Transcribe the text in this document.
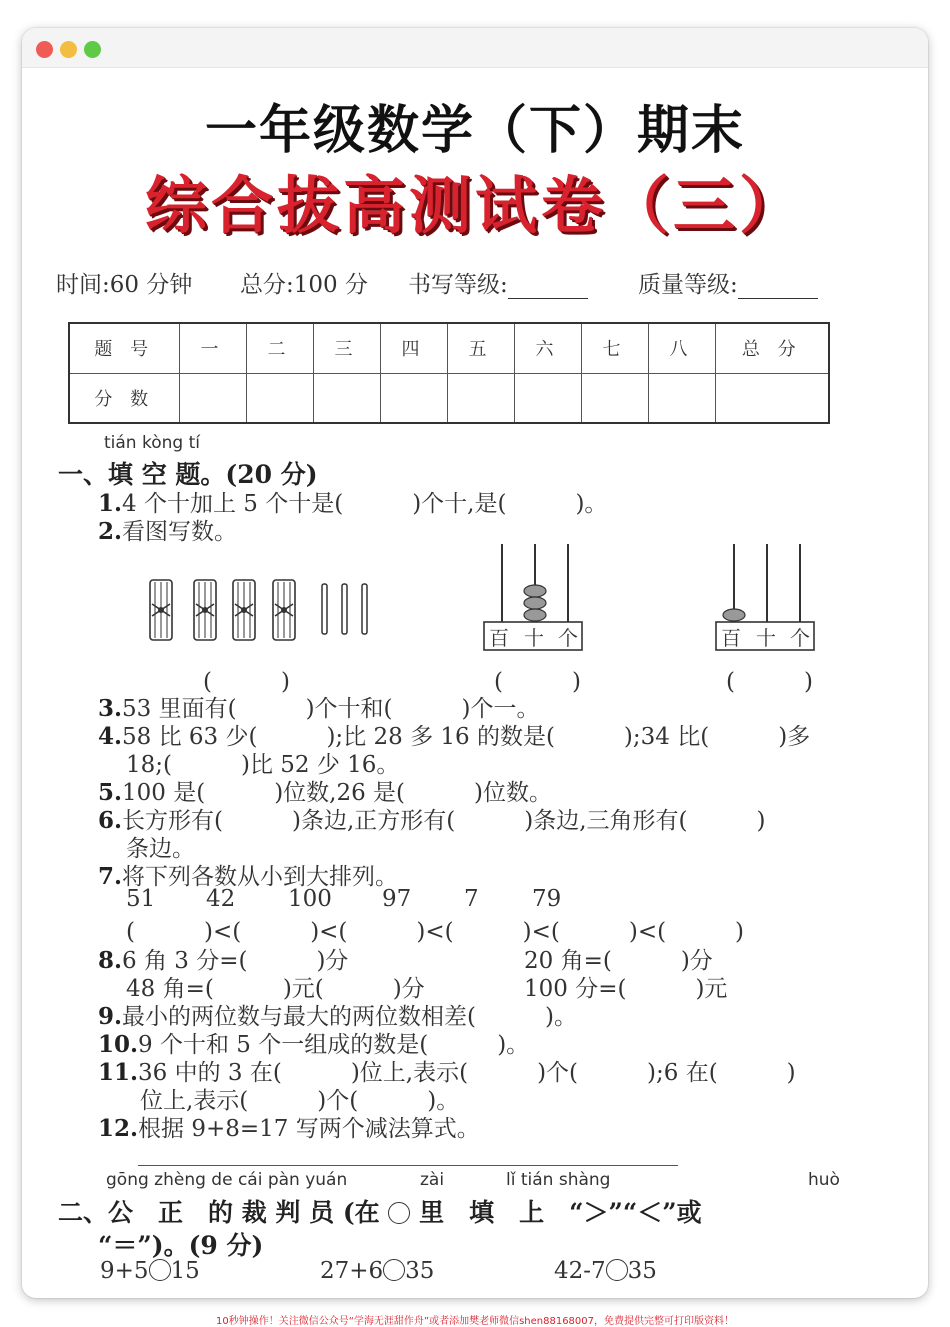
一年级数学（下）期末
综合拔高测试卷（三）
时间:60 分钟 总分:100 分 书写等级:	质量等级:
题 号	一	二	三	四	五	六	七	八	总 分
分 数									
tián kòng tí
一、填 空 题。(20 分)
1.4 个十加上 5 个十是(　　　)个十,是(　　　)。
2.看图写数。
百 十 个	百 十 个
(　　　)	(　　　)	(　　　)
3.53 里面有(　　　)个十和(　　　)个一。
4.58 比 63 少(　　　);比 28 多 16 的数是(　　　);34 比(　　　)多
18;(　　　)比 52 少 16。
5.100 是(　　　)位数,26 是(　　　)位数。
6.长方形有(　　　)条边,正方形有(　　　)条边,三角形有(　　　)
条边。
7.将下列各数从小到大排列。
51 42 100 97 7 79
(　　　)<(　　　)<(　　　)<(　　　)<(　　　)<(　　　)
8.6 角 3 分=(　　　)分	20 角=(　　　)分
48 角=(　　　)元(　　　)分	100 分=(　　　)元
9.最小的两位数与最大的两位数相差(　　　)。
10.9 个十和 5 个一组成的数是(　　　)。
11.36 中的 3 在(　　　)位上,表示(　　　)个(　　　);6 在(　　　)
位上,表示(　　　)个(　　　)。
12.根据 9+8=17 写两个减法算式。
gōng zhèng de cái pàn yuán	zài	lǐ tián shàng	huò
二、公　正　的 裁 判 员 (在 里　填　上　“＞”“＜”或
“＝”)。(9 分)
9+5 15	27+6 35	42-7 35
10秒钟操作！关注微信公众号“学海无涯甜作舟”或者添加樊老师微信shen88168007，免费提供完整可打印版资料！
